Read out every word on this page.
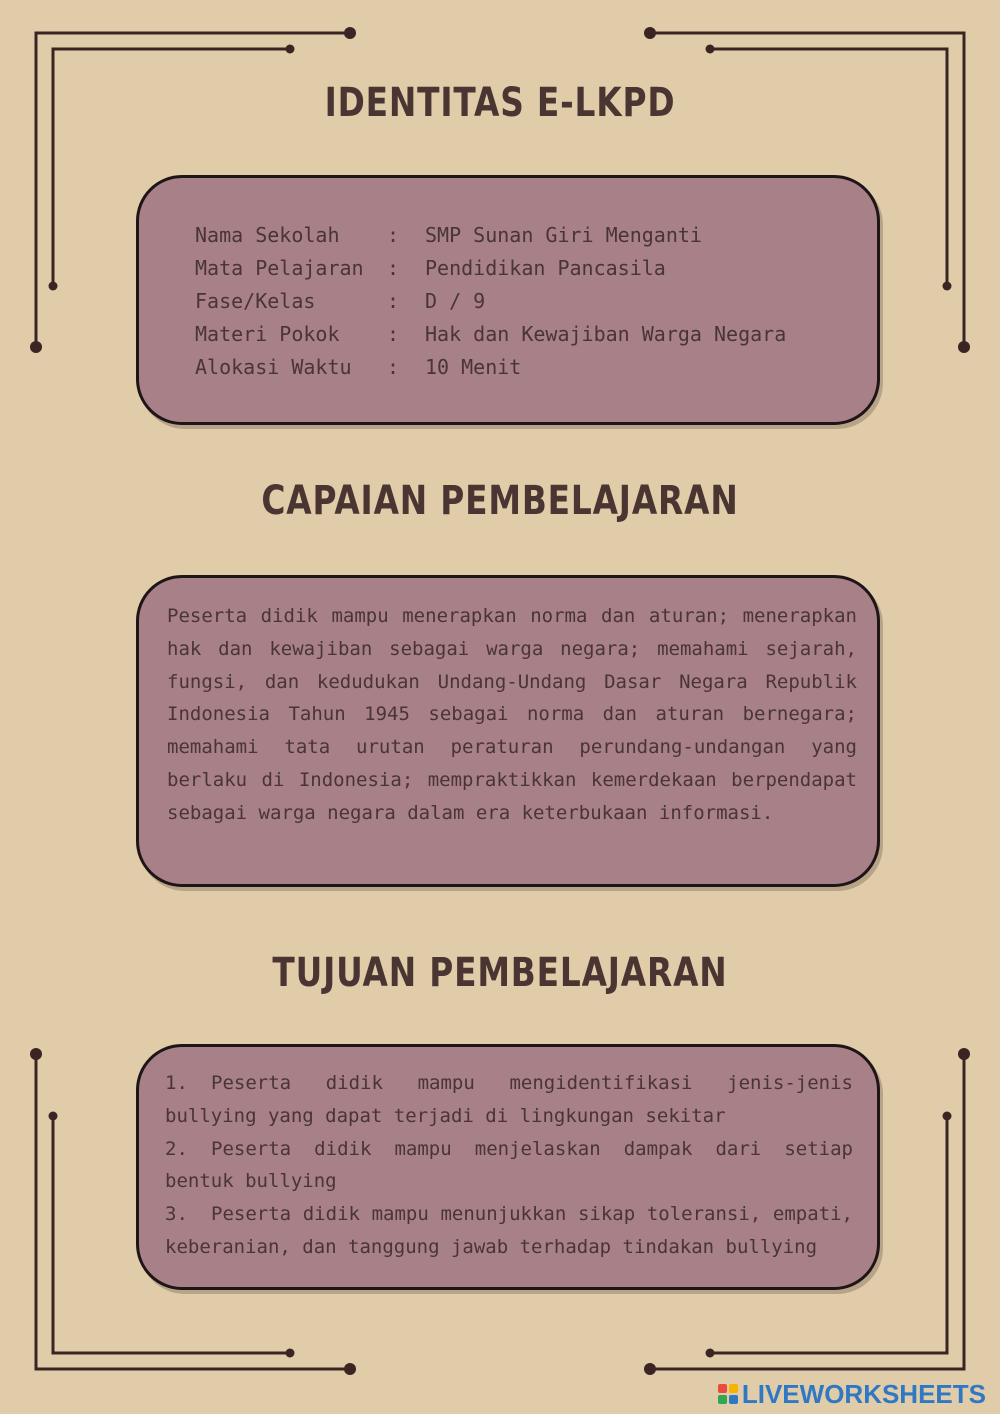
IDENTITAS E-LKPD
Nama Sekolah	:	SMP Sunan Giri Menganti
Mata Pelajaran	:	Pendidikan Pancasila
Fase/Kelas	:	D / 9
Materi Pokok	:	Hak dan Kewajiban Warga Negara
Alokasi Waktu	:	10 Menit
CAPAIAN PEMBELAJARAN

Peserta didik mampu menerapkan norma dan aturan; menerapkan hak dan kewajiban sebagai warga negara; memahami sejarah, fungsi, dan kedudukan Undang-Undang Dasar Negara Republik Indonesia Tahun 1945 sebagai norma dan aturan bernegara; memahami tata urutan peraturan perundang-undangan yang berlaku di Indonesia; mempraktikkan kemerdekaan berpendapat sebagai warga negara dalam era keterbukaan informasi.

TUJUAN PEMBELAJARAN
1. Peserta didik mampu mengidentifikasi jenis-jenis bullying yang dapat terjadi di lingkungan sekitar
2. Peserta didik mampu menjelaskan dampak dari setiap bentuk bullying
3. Peserta didik mampu menunjukkan sikap toleransi, empati, keberanian, dan tanggung jawab terhadap tindakan bullying
LIVEWORKSHEETS
